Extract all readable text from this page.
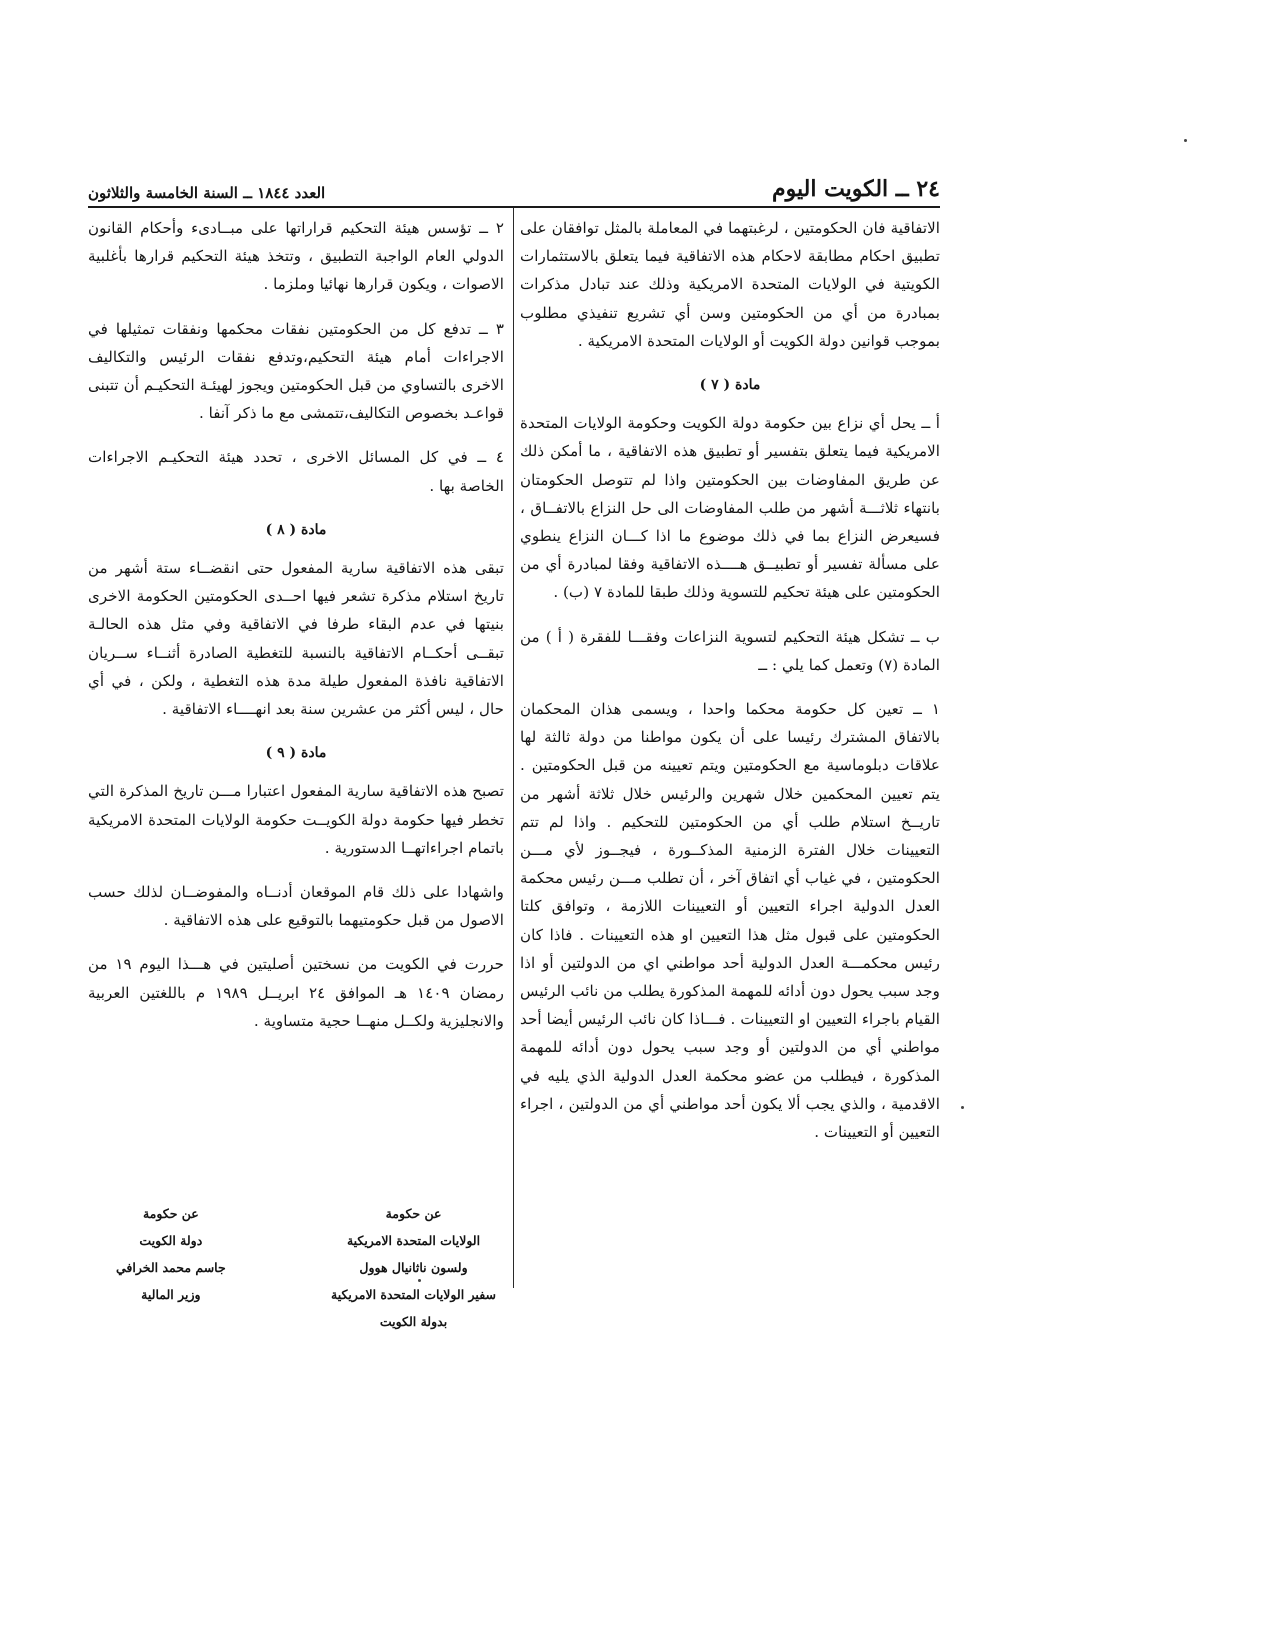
٢٤ ــ الكويت اليوم
العدد ١٨٤٤ ــ السنة الخامسة والثلاثون

الاتفاقية فان الحكومتين ، لرغبتهما في المعاملة بالمثل توافقان على تطبيق احكام مطابقة لاحكام هذه الاتفاقية فيما يتعلق بالاستثمارات الكويتية في الولايات المتحدة الامريكية وذلك عند تبادل مذكرات بمبادرة من أي من الحكومتين وسن أي تشريع تنفيذي مطلوب بموجب قوانين دولة الكويت أو الولايات المتحدة الامريكية .

مادة ( ٧ )

أ ــ يحل أي نزاع بين حكومة دولة الكويت وحكومة الولايات المتحدة الامريكية فيما يتعلق بتفسير أو تطبيق هذه الاتفاقية ، ما أمكن ذلك عن طريق المفاوضات بين الحكومتين واذا لم تتوصل الحكومتان بانتهاء ثلاثـــة أشهر من طلب المفاوضات الى حل النزاع بالاتفــاق ، فسيعرض النزاع بما في ذلك موضوع ما اذا كـــان النزاع ينطوي على مسألة تفسير أو تطبيــق هــــذه الاتفاقية وفقا لمبادرة أي من الحكومتين على هيئة تحكيم للتسوية وذلك طبقا للمادة ٧ (ب) .

ب ــ تشكل هيئة التحكيم لتسوية النزاعات وفقـــا للفقرة ( أ ) من المادة (٧) وتعمل كما يلي : ــ

١ ــ تعين كل حكومة محكما واحدا ، ويسمى هذان المحكمان بالاتفاق المشترك رئيسا على أن يكون مواطنا من دولة ثالثة لها علاقات دبلوماسية مع الحكومتين ويتم تعيينه من قبل الحكومتين . يتم تعيين المحكمين خلال شهرين والرئيس خلال ثلاثة أشهر من تاريــخ استلام طلب أي من الحكومتين للتحكيم . واذا لم تتم التعيينات خلال الفترة الزمنية المذكــورة ، فيجــوز لأي مـــن الحكومتين ، في غياب أي اتفاق آخر ، أن تطلب مـــن رئيس محكمة العدل الدولية اجراء التعيين أو التعيينات اللازمة ، وتوافق كلتا الحكومتين على قبول مثل هذا التعيين او هذه التعيينات . فاذا كان رئيس محكمـــة العدل الدولية أحد مواطني اي من الدولتين أو اذا وجد سبب يحول دون أدائه للمهمة المذكورة يطلب من نائب الرئيس القيام باجراء التعيين او التعيينات . فـــاذا كان نائب الرئيس أيضا أحد مواطني أي من الدولتين أو وجد سبب يحول دون أدائه للمهمة المذكورة ، فيطلب من عضو محكمة العدل الدولية الذي يليه في الاقدمية ، والذي يجب ألا يكون أحد مواطني أي من الدولتين ، اجراء التعيين أو التعيينات .

٢ ــ تؤسس هيئة التحكيم قراراتها على مبــادىء وأحكام القانون الدولي العام الواجبة التطبيق ، وتتخذ هيئة التحكيم قرارها بأغلبية الاصوات ، ويكون قرارها نهائيا وملزما .

٣ ــ تدفع كل من الحكومتين نفقات محكمها ونفقات تمثيلها في الاجراءات أمام هيئة التحكيم،وتدفع نفقات الرئيس والتكاليف الاخرى بالتساوي من قبل الحكومتين ويجوز لهيئـة التحكيـم أن تتبنى قواعـد بخصوص التكاليف،تتمشى مع ما ذكر آنفا .

٤ ــ في كل المسائل الاخرى ، تحدد هيئة التحكيـم الاجراءات الخاصة بها .

مادة ( ٨ )

تبقى هذه الاتفاقية سارية المفعول حتى انقضــاء ستة أشهر من تاريخ استلام مذكرة تشعر فيها احــدى الحكومتين الحكومة الاخرى بنيتها في عدم البقاء طرفا في الاتفاقية وفي مثل هذه الحالـة تبقــى أحكــام الاتفاقية بالنسبة للتغطية الصادرة أثنــاء ســريان الاتفاقية نافذة المفعول طيلة مدة هذه التغطية ، ولكن ، في أي حال ، ليس أكثر من عشرين سنة بعد انهــــاء الاتفاقية .

مادة ( ٩ )

تصبح هذه الاتفاقية سارية المفعول اعتبارا مـــن تاريخ المذكرة التي تخطر فيها حكومة دولة الكويــت حكومة الولايات المتحدة الامريكية باتمام اجراءاتهــا الدستورية .

واشهادا على ذلك قام الموقعان أدنــاه والمفوضــان لذلك حسب الاصول من قبل حكومتيهما بالتوقيع على هذه الاتفاقية .

حررت في الكويت من نسختين أصليتين في هـــذا اليوم ١٩ من رمضان ١٤٠٩ هـ الموافق ٢٤ ابريــل ١٩٨٩ م باللغتين العربية والانجليزية ولكــل منهــا حجية متساوية .

عن حكومة
الولايات المتحدة الامريكية
ولسون ناثانيال هوول
سفير الولايات المتحدة الامريكية
بدولة الكويت
عن حكومة
دولة الكويت
جاسم محمد الخرافي
وزير المالية
